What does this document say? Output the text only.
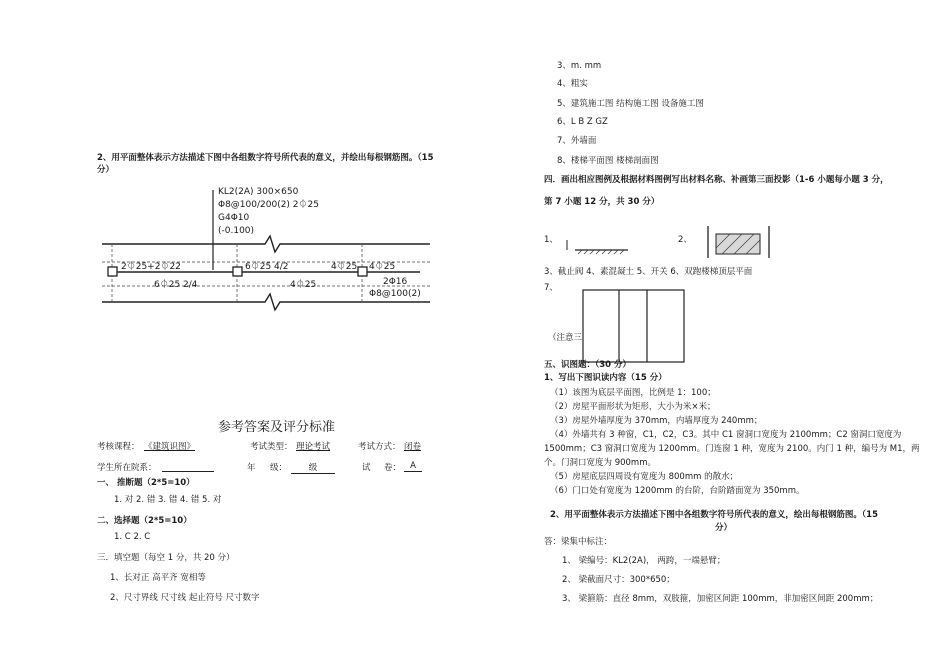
2、用平面整体表示方法描述下图中各组数字符号所代表的意义，并绘出每根钢筋图。（15
分）
KL2(2A) 300×650
Φ8@100/200(2) 2⏀25
G4Φ10
(-0.100)
2⏀25+2⏀22	6⏀25 4/2	4⏀25 4⏀25
6⏀25 2/4	4⏀25	2Φ16
Φ8@100(2)
参考答案及评分标准
考核课程： 《建筑识图》	考试类型： 理论考试	考试方式： 闭卷
学生所在院系：	年 级：	级	试 卷：	A
一、 推断题（2*5=10）
1. 对 2. 错 3. 错 4. 错 5. 对
二、选择题（2*5=10）
1. C 2. C
三．填空题（每空 1 分，共 20 分）
1、长对正 高平齐 宽相等
2、尺寸界线 尺寸线 起止符号 尺寸数字
3、m. mm
4、粗实
5、建筑施工图 结构施工图 设备施工图
6、L B Z GZ
7、外墙面
8、楼梯平面图 楼梯剖面图
四．画出相应图例及根据材料图例写出材料名称、补画第三面投影（1-6 小题每小题 3 分，
第 7 小题 12 分，共 30 分）
1、	2、
3、截止阀 4、素混凝土 5、开关 6、双跑楼梯顶层平面
7、
（注意三
五、识图题：（30 分）
1、写出下图识读内容（15 分）
（1）该图为底层平面图，比例是 1：100；
（2）房屋平面形状为矩形，大小为米×米；
（3）房屋外墙厚度为 370mm，内墙厚度为 240mm；
（4）外墙共有 3 种窗，C1，C2，C3。其中 C1 窗洞口宽度为 2100mm；C2 窗洞口宽度为
1500mm；C3 窗洞口宽度为 1200mm。门连窗 1 种，宽度为 2100。内门 1 种，编号为 M1，两
个。门洞口宽度为 900mm。
（5）房屋底层四周设有宽度为 800mm 的散水；
（6）门口处有宽度为 1200mm 的台阶，台阶踏面宽为 350mm。
2、用平面整体表示方法描述下图中各组数字符号所代表的意义，绘出每根钢筋图。（15
分）
答：梁集中标注：
1、 梁编号：KL2(2A)， 两跨，一端悬臂；
2、 梁截面尺寸：300*650；
3、 梁箍筋：直径 8mm，双肢箍，加密区间距 100mm，非加密区间距 200mm；
